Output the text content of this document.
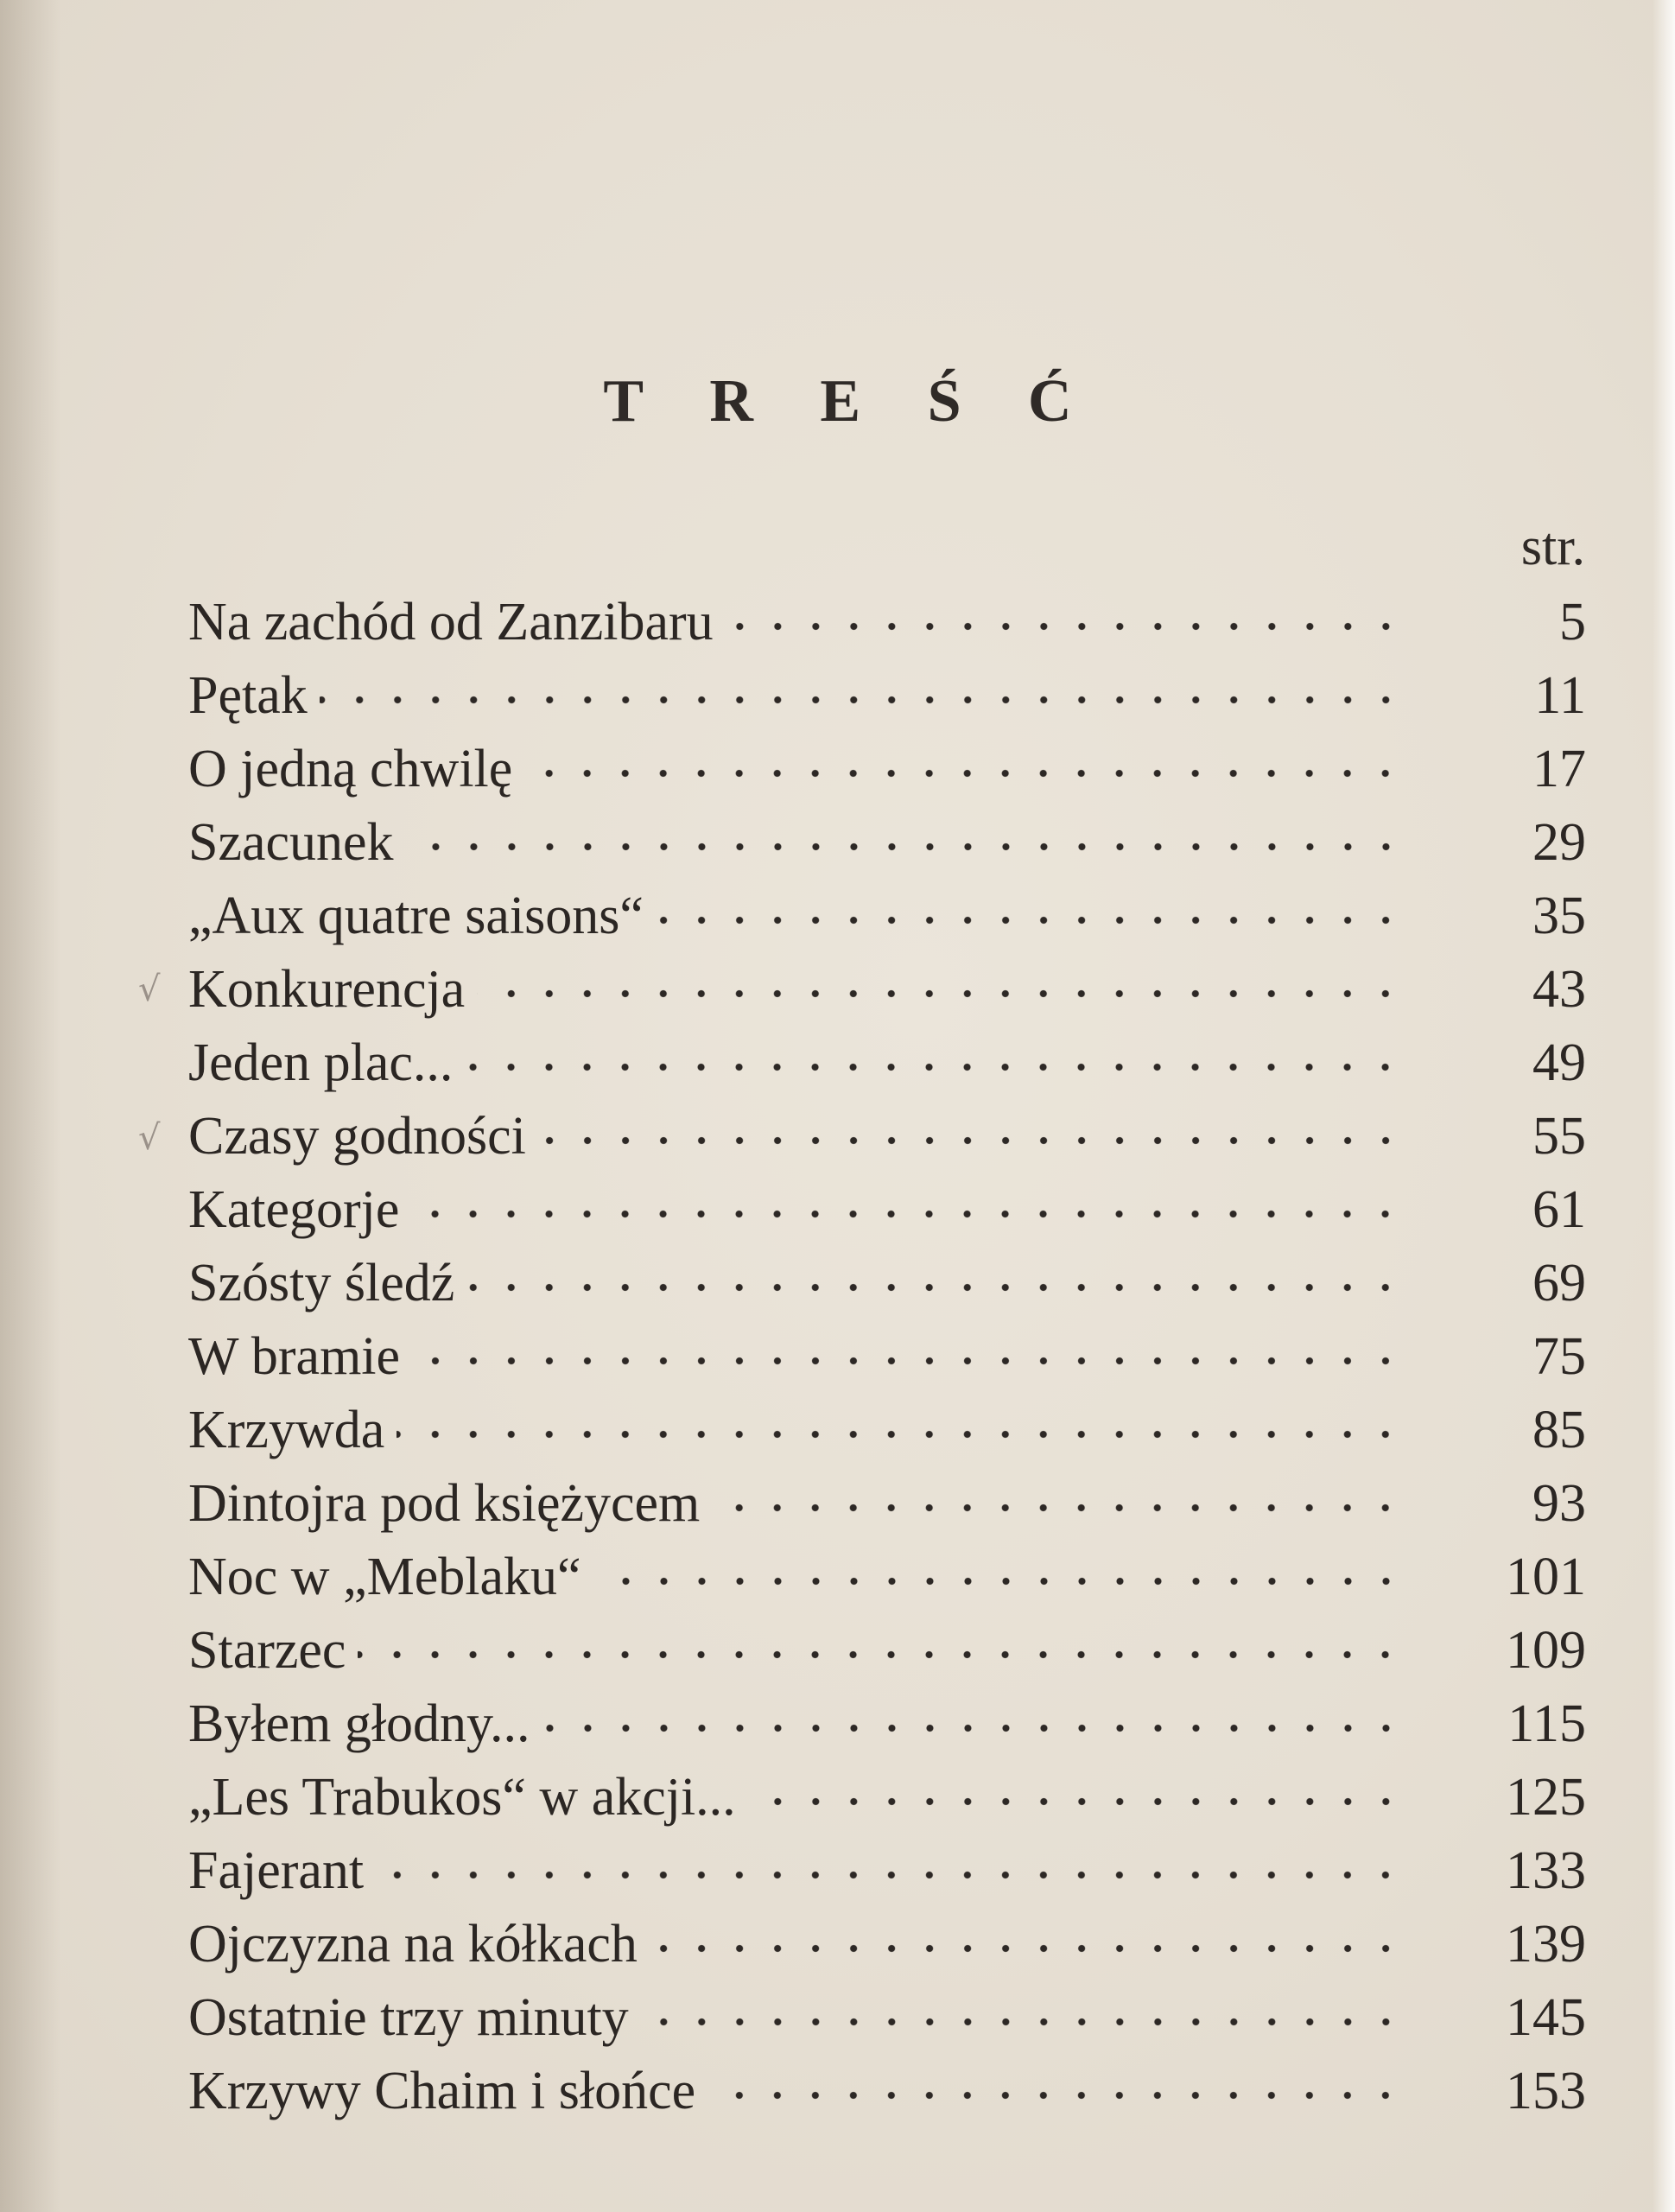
T R E Ś Ć
str.
√
√
Na zachód od Zanzibaru	5
Pętak	11
O jedną chwilę	17
Szacunek	29
„Aux quatre saisons“	35
Konkurencja	43
Jeden plac...	49
Czasy godności	55
Kategorje	61
Szósty śledź	69
W bramie	75
Krzywda	85
Dintojra pod księżycem	93
Noc w „Meblaku“	101
Starzec	109
Byłem głodny...	115
„Les Trabukos“ w akcji...	125
Fajerant	133
Ojczyzna na kółkach	139
Ostatnie trzy minuty	145
Krzywy Chaim i słońce	153
